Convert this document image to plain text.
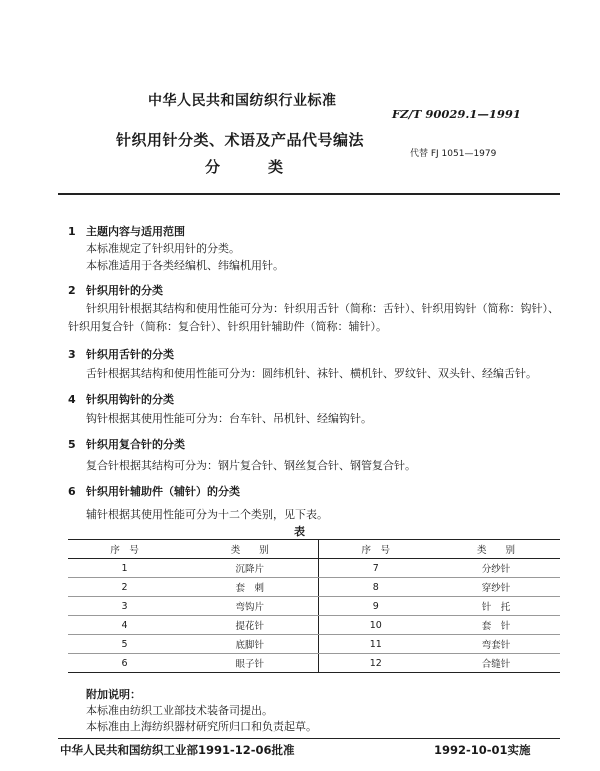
中华人民共和国纺织行业标准
FZ/T 90029.1—1991
针织用针分类、术语及产品代号编法
代替 FJ 1051—1979
分　　类
1 主题内容与适用范围
本标准规定了针织用针的分类。
本标准适用于各类经编机、纬编机用针。
2 针织用针的分类
针织用针根据其结构和使用性能可分为：针织用舌针（简称：舌针）、针织用钩针（简称：钩针）、针织用复合针（简称：复合针）、针织用针辅助件（简称：辅针）。
3 针织用舌针的分类
舌针根据其结构和使用性能可分为：圆纬机针、袜针、横机针、罗纹针、双头针、经编舌针。
4 针织用钩针的分类
钩针根据其使用性能可分为：台车针、吊机针、经编钩针。
5 针织用复合针的分类
复合针根据其结构可分为：钢片复合针、钢丝复合针、钢管复合针。
6 针织用针辅助件（辅针）的分类
辅针根据其使用性能可分为十二个类别，见下表。
表
序　号	类　　别	序　号	类　　别
1	沉降片	7	分纱针
2	套　刺	8	穿纱针
3	弯钩片	9	针　托
4	提花针	10	套　针
5	底脚针	11	弯套针
6	眼子针	12	合缝针
附加说明：
本标准由纺织工业部技术装备司提出。
本标准由上海纺织器材研究所归口和负责起草。
中华人民共和国纺织工业部1991-12-06批准	1992-10-01实施
